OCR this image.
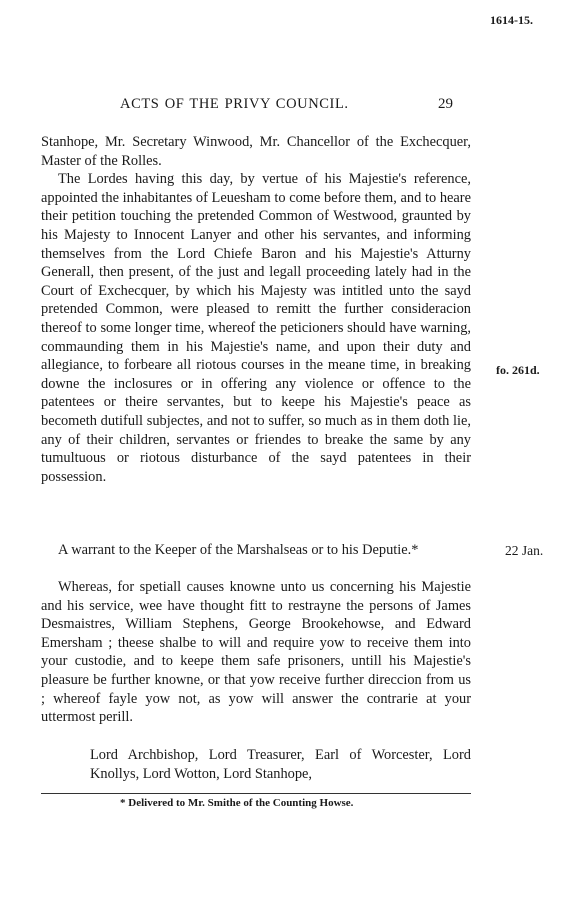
ACTS OF THE PRIVY COUNCIL.	29
1614-15.

Stanhope, Mr. Secretary Winwood, Mr. Chancellor of the Exchecquer, Master of the Rolles.

The Lordes having this day, by vertue of his Majestie's reference, appointed the inhabitantes of Leuesham to come before them, and to heare their petition touching the pretended Common of Westwood, graunted by his Majesty to Innocent Lanyer and other his servantes, and informing themselves from the Lord Chiefe Baron and his Majestie's Atturny Generall, then present, of the just and legall proceeding lately had in the Court of Exchecquer, by which his Majesty was intitled unto the sayd pretended Common, were pleased to remitt the further consideracion thereof to some longer time, whereof the peticioners should have warning, commaunding them in his Majestie's name, and upon their duty and allegiance, to forbeare all riotous courses in the meane time, in breaking downe the inclosures or in offering any violence or offence to the patentees or theire servantes, but to keepe his Majestie's peace as becometh dutifull subjectes, and not to suffer, so much as in them doth lie, any of their children, servantes or friendes to breake the same by any tumultuous or riotous disturbance of the sayd patentees in their possession.

fo. 261d.

A warrant to the Keeper of the Marshalseas or to his Deputie.*	22 Jan.

Whereas, for spetiall causes knowne unto us concerning his Majestie and his service, wee have thought fitt to restrayne the persons of James Desmaistres, William Stephens, George Brookehowse, and Edward Emersham ; theese shalbe to will and require yow to receive them into your custodie, and to keepe them safe prisoners, untill his Majestie's pleasure be further knowne, or that yow receive further direccion from us ; whereof fayle yow not, as yow will answer the contrarie at your uttermost perill.

Lord Archbishop, Lord Treasurer, Earl of Worcester, Lord Knollys, Lord Wotton, Lord Stanhope,

* Delivered to Mr. Smithe of the Counting Howse.
